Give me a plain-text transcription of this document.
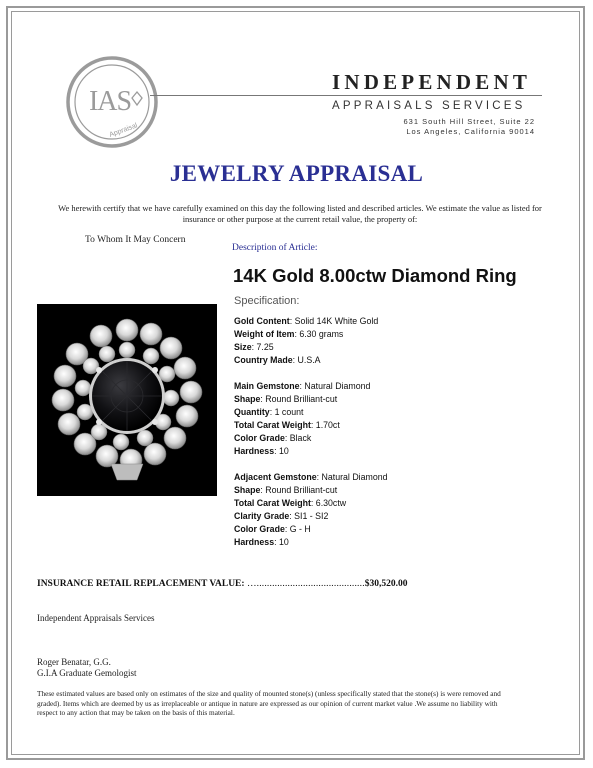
IAS
Appraisal
INDEPENDENT
APPRAISALS SERVICES
631 South Hill Street, Suite 22
Los Angeles, California 90014
JEWELRY APPRAISAL
We herewith certify that we have carefully examined on this day the following listed and described articles. We estimate the value as listed for insurance or other purpose at the current retail value, the property of:
To Whom It May Concern
Description of Article:
14K Gold 8.00ctw Diamond Ring
Specification:
Gold Content: Solid 14K White Gold
Weight of Item: 6.30 grams
Size: 7.25
Country Made: U.S.A
Main Gemstone: Natural Diamond
Shape: Round Brilliant-cut
Quantity: 1 count
Total Carat Weight: 1.70ct
Color Grade: Black
Hardness: 10
Adjacent Gemstone: Natural Diamond
Shape: Round Brilliant-cut
Total Carat Weight: 6.30ctw
Clarity Grade: SI1 - SI2
Color Grade: G - H
Hardness: 10
INSURANCE RETAIL REPLACEMENT VALUE: …..........................................$30,520.00
Independent Appraisals Services
Roger Benatar, G.G.
G.I.A Graduate Gemologist
These estimated values are based only on estimates of the size and quality of mounted stone(s) (unless specifically stated that the stone(s) is were removed and graded). Items which are deemed by us as irreplaceable or antique in nature are expressed as our opinion of current market value .We assume no liability with respect to any action that may be taken on the basis of this material.
